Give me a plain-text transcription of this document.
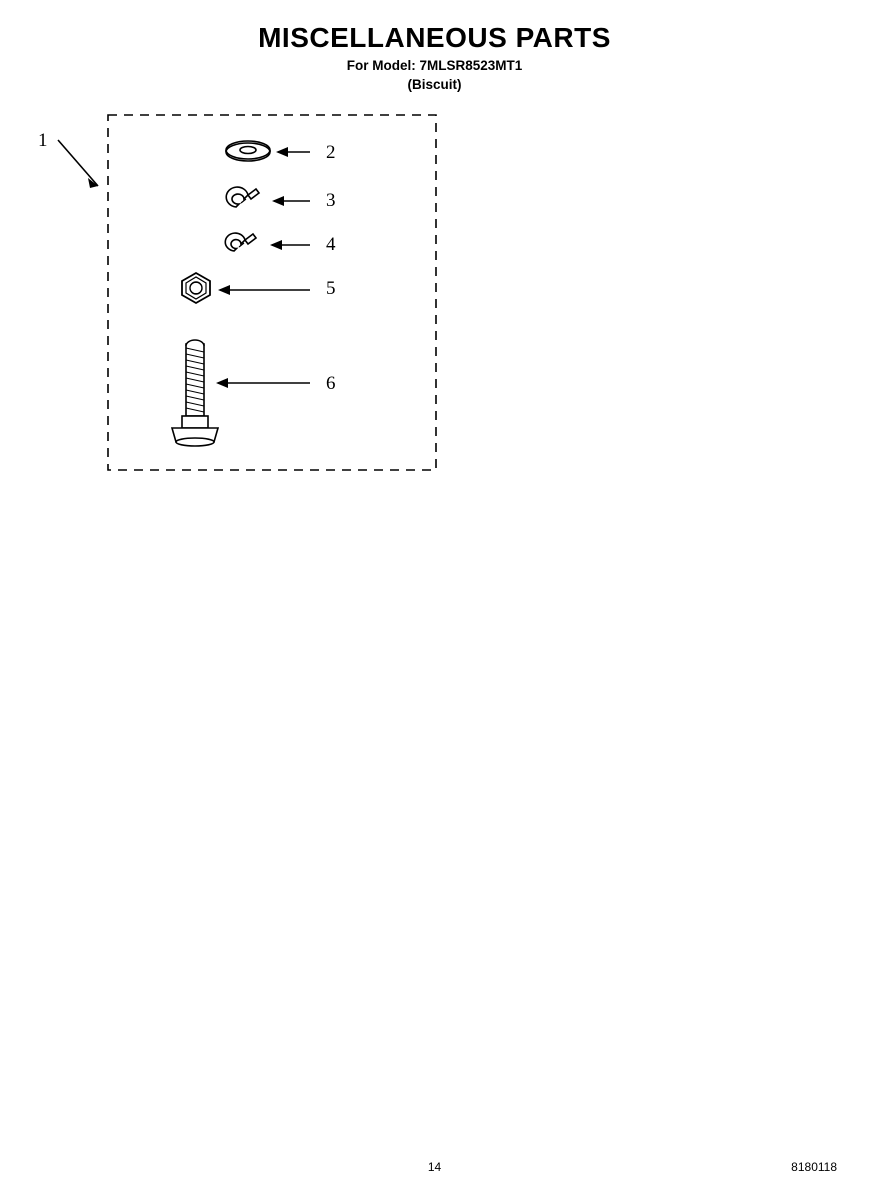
MISCELLANEOUS PARTS
For Model: 7MLSR8523MT1
(Biscuit)
1
2
3
4
5
6
14	8180118
